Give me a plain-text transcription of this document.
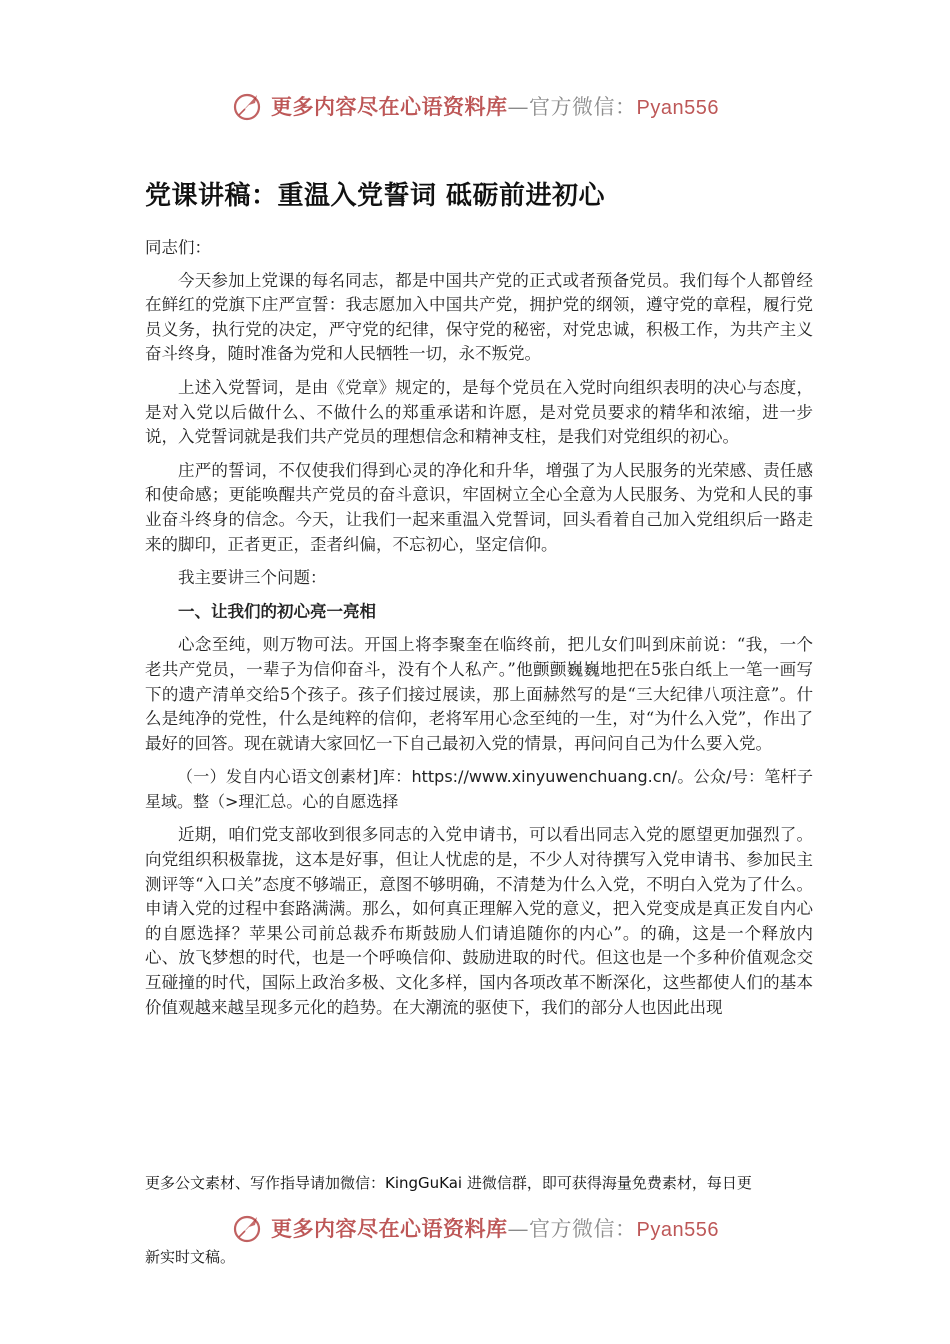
更多内容尽在心语资料库 —官方微信： Pyan556
党课讲稿：重温入党誓词 砥砺前进初心

同志们：

今天参加上党课的每名同志，都是中国共产党的正式或者预备党员。我们每个人都曾经在鲜红的党旗下庄严宣誓：我志愿加入中国共产党，拥护党的纲领，遵守党的章程，履行党员义务，执行党的决定，严守党的纪律，保守党的秘密，对党忠诚，积极工作，为共产主义奋斗终身，随时准备为党和人民牺牲一切，永不叛党。

上述入党誓词，是由《党章》规定的，是每个党员在入党时向组织表明的决心与态度，是对入党以后做什么、不做什么的郑重承诺和许愿，是对党员要求的精华和浓缩，进一步说，入党誓词就是我们共产党员的理想信念和精神支柱，是我们对党组织的初心。

庄严的誓词，不仅使我们得到心灵的净化和升华，增强了为人民服务的光荣感、责任感和使命感；更能唤醒共产党员的奋斗意识，牢固树立全心全意为人民服务、为党和人民的事业奋斗终身的信念。今天，让我们一起来重温入党誓词，回头看着自己加入党组织后一路走来的脚印，正者更正，歪者纠偏，不忘初心，坚定信仰。

我主要讲三个问题：

一、让我们的初心亮一亮相

心念至纯，则万物可法。开国上将李聚奎在临终前，把儿女们叫到床前说：“我，一个老共产党员，一辈子为信仰奋斗，没有个人私产。”他颤颤巍巍地把在5张白纸上一笔一画写下的遗产清单交给5个孩子。孩子们接过展读，那上面赫然写的是“三大纪律八项注意”。什么是纯净的党性，什么是纯粹的信仰，老将军用心念至纯的一生，对“为什么入党”，作出了最好的回答。现在就请大家回忆一下自己最初入党的情景，再问问自己为什么要入党。

（一）发自内心语文创素材]库：https://www.xinyuwenchuang.cn/。公众/号：笔杆子星域。整（>理汇总。心的自愿选择

近期，咱们党支部收到很多同志的入党申请书，可以看出同志入党的愿望更加强烈了。向党组织积极靠拢，这本是好事，但让人忧虑的是，不少人对待撰写入党申请书、参加民主测评等“入口关”态度不够端正，意图不够明确，不清楚为什么入党，不明白入党为了什么。申请入党的过程中套路满满。那么，如何真正理解入党的意义，把入党变成是真正发自内心的自愿选择？苹果公司前总裁乔布斯鼓励人们请追随你的内心”。的确，这是一个释放内心、放飞梦想的时代，也是一个呼唤信仰、鼓励进取的时代。但这也是一个多种价值观念交互碰撞的时代，国际上政治多极、文化多样，国内各项改革不断深化，这些都使人们的基本价值观越来越呈现多元化的趋势。在大潮流的驱使下，我们的部分人也因此出现

更多公文素材、写作指导请加微信：KingGuKai 进微信群，即可获得海量免费素材，每日更
更多内容尽在心语资料库 —官方微信： Pyan556
新实时文稿。
